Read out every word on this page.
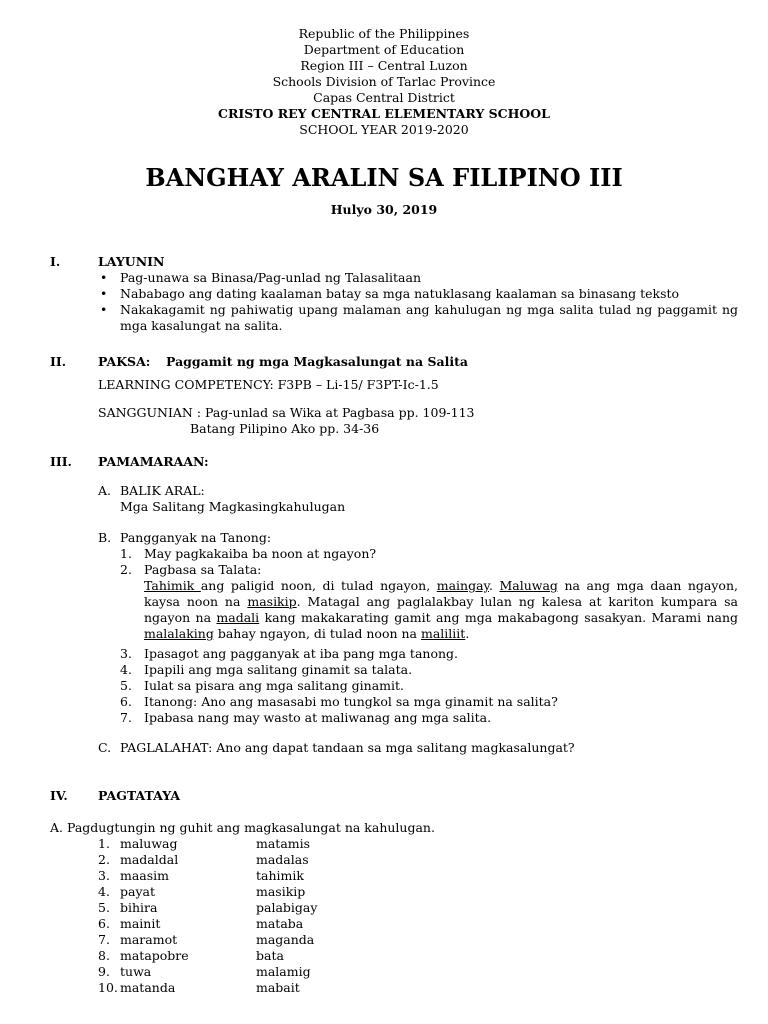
Republic of the Philippines
Department of Education
Region III – Central Luzon
Schools Division of Tarlac Province
Capas Central District
CRISTO REY CENTRAL ELEMENTARY SCHOOL
SCHOOL YEAR 2019-2020
BANGHAY ARALIN SA FILIPINO III
Hulyo 30, 2019
I.	LAYUNIN
• Pag-unawa sa Binasa/Pag-unlad ng Talasalitaan
• Nababago ang dating kaalaman batay sa mga natuklasang kaalaman sa binasang teksto
• Nakakagamit ng pahiwatig upang malaman ang kahulugan ng mga salita tulad ng paggamit ng mga kasalungat na salita.
II.	PAKSA: Paggamit ng mga Magkasalungat na Salita
LEARNING COMPETENCY: F3PB – Li-15/ F3PT-Ic-1.5
SANGGUNIAN : Pag-unlad sa Wika at Pagbasa pp. 109-113
Batang Pilipino Ako pp. 34-36
III. PAMAMARAAN:
A. BALIK ARAL:
Mga Salitang Magkasingkahulugan
B. Pangganyak na Tanong:
1. May pagkakaiba ba noon at ngayon?
2. Pagbasa sa Talata:
Tahimik ang paligid noon, di tulad ngayon, maingay. Maluwag na ang mga daan ngayon, kaysa noon na masikip. Matagal ang paglalakbay lulan ng kalesa at kariton kumpara sa ngayon na madali kang makakarating gamit ang mga makabagong sasakyan. Marami nang malalaking bahay ngayon, di tulad noon na maliliit.
3. Ipasagot ang pagganyak at iba pang mga tanong.
4. Ipapili ang mga salitang ginamit sa talata.
5. Iulat sa pisara ang mga salitang ginamit.
6. Itanong: Ano ang masasabi mo tungkol sa mga ginamit na salita?
7. Ipabasa nang may wasto at maliwanag ang mga salita.
C. PAGLALAHAT: Ano ang dapat tandaan sa mga salitang magkasalungat?
IV. PAGTATAYA
A. Pagdugtungin ng guhit ang magkasalungat na kahulugan.
1. maluwag	matamis
2. madaldal	madalas
3. maasim	tahimik
4. payat	masikip
5. bihira	palabigay
6. mainit	mataba
7. maramot	maganda
8. matapobre	bata
9. tuwa	malamig
10. matanda	mabait
